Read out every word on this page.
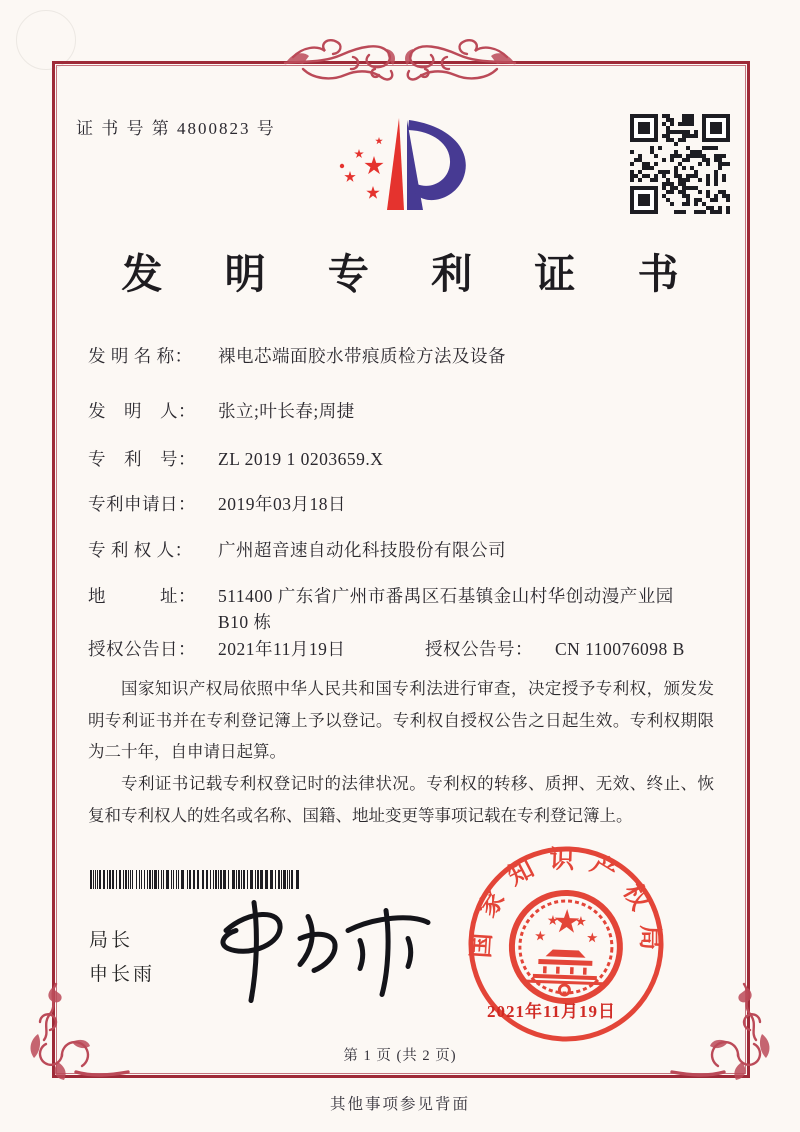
证 书 号 第 4800823 号
发 明 专 利 证 书
发 明 名 称：	裸电芯端面胶水带痕质检方法及设备
发　明　人：	张立;叶长春;周捷
专　利　号：	ZL 2019 1 0203659.X
专利申请日：	2019年03月18日
专 利 权 人：	广州超音速自动化科技股份有限公司
地　　　址：	511400 广东省广州市番禺区石基镇金山村华创动漫产业园 B10 栋
授权公告日：	2021年11月19日	授权公告号：	CN 110076098 B

国家知识产权局依照中华人民共和国专利法进行审查，决定授予专利权，颁发发明专利证书并在专利登记簿上予以登记。专利权自授权公告之日起生效。专利权期限为二十年，自申请日起算。

专利证书记载专利权登记时的法律状况。专利权的转移、质押、无效、终止、恢复和专利权人的姓名或名称、国籍、地址变更等事项记载在专利登记簿上。

局长
申长雨
国家知识产权局
2021年11月19日
第 1 页 (共 2 页)
其他事项参见背面
